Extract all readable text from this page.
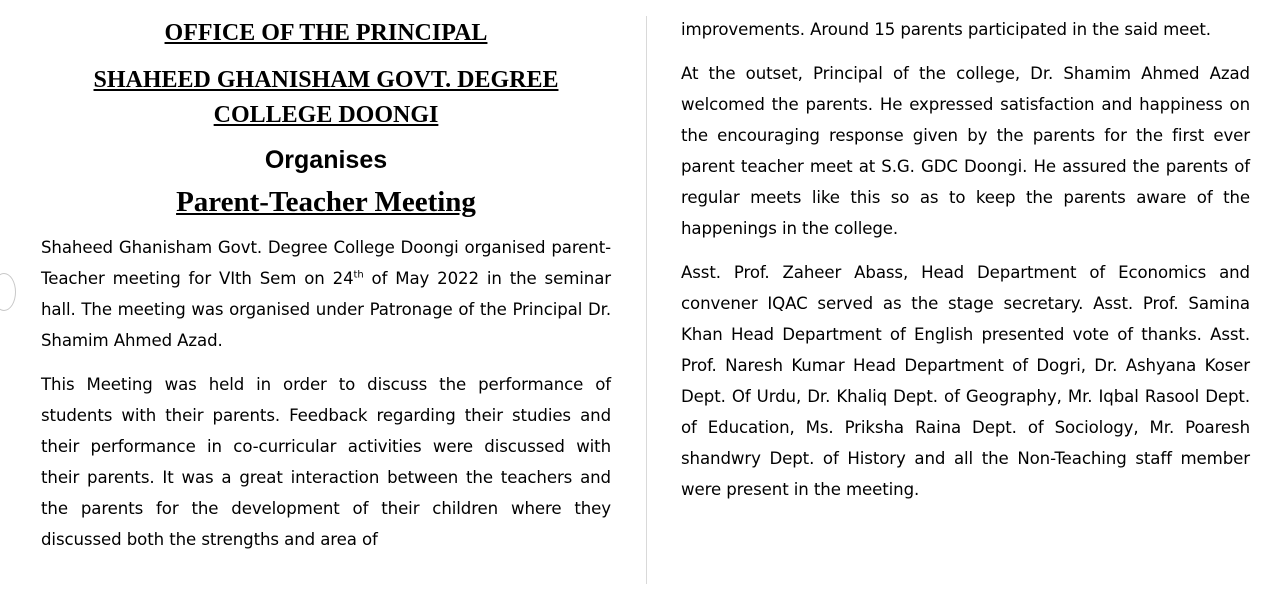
OFFICE OF THE PRINCIPAL

SHAHEED GHANISHAM GOVT. DEGREE COLLEGE DOONGI

Organises

Parent-Teacher Meeting

Shaheed Ghanisham Govt. Degree College Doongi organised parent-Teacher meeting for VIth Sem on 24th of May 2022 in the seminar hall. The meeting was organised under Patronage of the Principal Dr. Shamim Ahmed Azad.

This Meeting was held in order to discuss the performance of students with their parents. Feedback regarding their studies and their performance in co-curricular activities were discussed with their parents. It was a great interaction between the teachers and the parents for the development of their children where they discussed both the strengths and area of

improvements. Around 15 parents participated in the said meet.

At the outset, Principal of the college, Dr. Shamim Ahmed Azad welcomed the parents. He expressed satisfaction and happiness on the encouraging response given by the parents for the first ever parent teacher meet at S.G. GDC Doongi. He assured the parents of regular meets like this so as to keep the parents aware of the happenings in the college.

Asst. Prof. Zaheer Abass, Head Department of Economics and convener IQAC served as the stage secretary. Asst. Prof. Samina Khan Head Department of English presented vote of thanks. Asst. Prof. Naresh Kumar Head Department of Dogri, Dr. Ashyana Koser Dept. Of Urdu, Dr. Khaliq Dept. of Geography, Mr. Iqbal Rasool Dept. of Education, Ms. Priksha Raina Dept. of Sociology, Mr. Poaresh shandwry Dept. of History and all the Non-Teaching staff member were present in the meeting.
